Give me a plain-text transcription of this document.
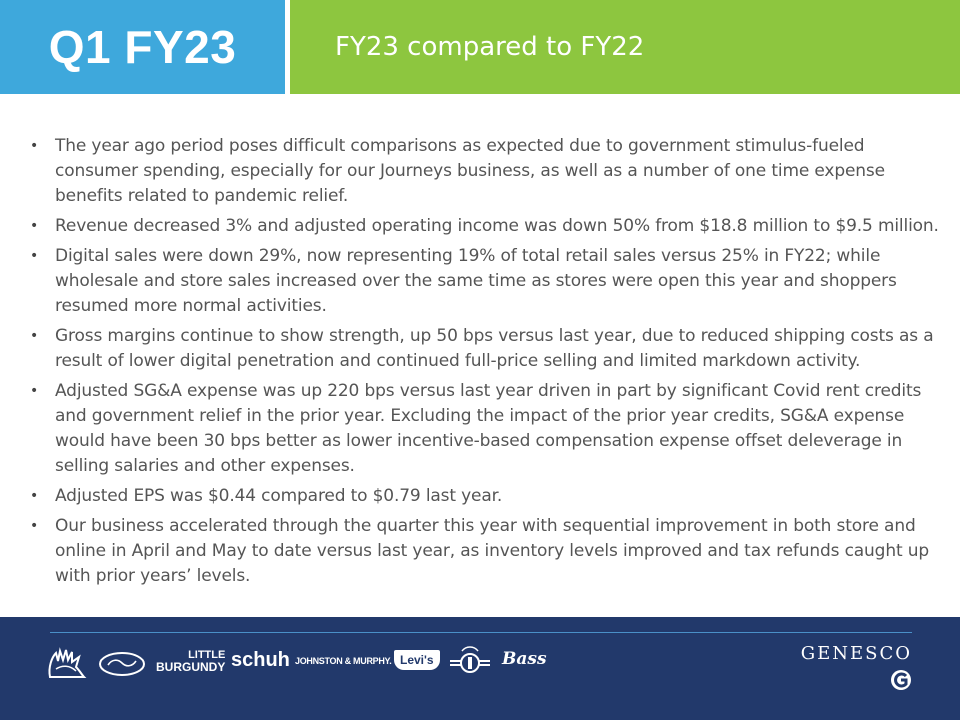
Q1 FY23	FY23 compared to FY22
• The year ago period poses difficult comparisons as expected due to government stimulus-fueled consumer spending, especially for our Journeys business, as well as a number of one time expense benefits related to pandemic relief.
• Revenue decreased 3% and adjusted operating income was down 50% from $18.8 million to $9.5 million.
• Digital sales were down 29%, now representing 19% of total retail sales versus 25% in FY22; while wholesale and store sales increased over the same time as stores were open this year and shoppers resumed more normal activities.
• Gross margins continue to show strength, up 50 bps versus last year, due to reduced shipping costs as a result of lower digital penetration and continued full-price selling and limited markdown activity.
• Adjusted SG&A expense was up 220 bps versus last year driven in part by significant Covid rent credits and government relief in the prior year. Excluding the impact of the prior year credits, SG&A expense would have been 30 bps better as lower incentive-based compensation expense offset deleverage in selling salaries and other expenses.
• Adjusted EPS was $0.44 compared to $0.79 last year.
• Our business accelerated through the quarter this year with sequential improvement in both store and online in April and May to date versus last year, as inventory levels improved and tax refunds caught up with prior years’ levels.
LITTLE
BURGUNDY schuh JOHNSTON & MURPHY. Levi's	Bass	GENESCO
